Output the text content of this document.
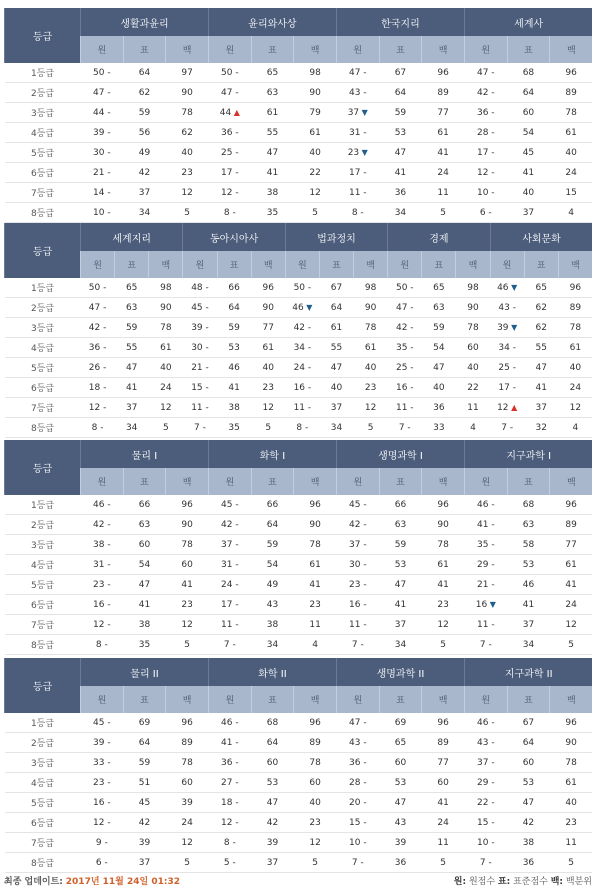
등급	생활과윤리			윤리와사상			한국지리			세계사		
	원	표	백	원	표	백	원	표	백	원	표	백
1등급	50 -	64	97	50 -	65	98	47 -	67	96	47 -	68	96
2등급	47 -	62	90	47 -	63	90	43 -	64	89	42 -	64	89
3등급	44 -	59	78	44 ▲	61	79	37 ▼	59	77	36 -	60	78
4등급	39 -	56	62	36 -	55	61	31 -	53	61	28 -	54	61
5등급	30 -	49	40	25 -	47	40	23 ▼	47	41	17 -	45	40
6등급	21 -	42	23	17 -	41	22	17 -	41	24	12 -	41	24
7등급	14 -	37	12	12 -	38	12	11 -	36	11	10 -	40	15
8등급	10 -	34	5	8 -	35	5	8 -	34	5	6 -	37	4
등급	세계지리			동아시아사			법과정치			경제			사회문화		
	원	표	백	원	표	백	원	표	백	원	표	백	원	표	백
1등급	50 -	65	98	48 -	66	96	50 -	67	98	50 -	65	98	46 ▼	65	96
2등급	47 -	63	90	45 -	64	90	46 ▼	64	90	47 -	63	90	43 -	62	89
3등급	42 -	59	78	39 -	59	77	42 -	61	78	42 -	59	78	39 ▼	62	78
4등급	36 -	55	61	30 -	53	61	34 -	55	61	35 -	54	60	34 -	55	61
5등급	26 -	47	40	21 -	46	40	24 -	47	40	25 -	47	40	25 -	47	40
6등급	18 -	41	24	15 -	41	23	16 -	40	23	16 -	40	22	17 -	41	24
7등급	12 -	37	12	11 -	38	12	11 -	37	12	11 -	36	11	12 ▲	37	12
8등급	8 -	34	5	7 -	35	5	8 -	34	5	7 -	33	4	7 -	32	4
등급	물리 I			화학 I			생명과학 I			지구과학 I		
	원	표	백	원	표	백	원	표	백	원	표	백
1등급	46 -	66	96	45 -	66	96	45 -	66	96	46 -	68	96
2등급	42 -	63	90	42 -	64	90	42 -	63	90	41 -	63	89
3등급	38 -	60	78	37 -	59	78	37 -	59	78	35 -	58	77
4등급	31 -	54	60	31 -	54	61	30 -	53	61	29 -	53	61
5등급	23 -	47	41	24 -	49	41	23 -	47	41	21 -	46	41
6등급	16 -	41	23	17 -	43	23	16 -	41	23	16 ▼	41	24
7등급	12 -	38	12	11 -	38	11	11 -	37	12	11 -	37	12
8등급	8 -	35	5	7 -	34	4	7 -	34	5	7 -	34	5
등급	물리 II			화학 II			생명과학 II			지구과학 II		
	원	표	백	원	표	백	원	표	백	원	표	백
1등급	45 -	69	96	46 -	68	96	47 -	69	96	46 -	67	96
2등급	39 -	64	89	41 -	64	89	43 -	65	89	43 -	64	90
3등급	33 -	59	78	36 -	60	78	36 -	60	77	37 -	60	78
4등급	23 -	51	60	27 -	53	60	28 -	53	60	29 -	53	61
5등급	16 -	45	39	18 -	47	40	20 -	47	41	22 -	47	40
6등급	12 -	42	24	12 -	42	23	15 -	43	24	15 -	42	23
7등급	9 -	39	12	8 -	39	12	10 -	39	11	10 -	38	11
8등급	6 -	37	5	5 -	37	5	7 -	36	5	7 -	36	5
최종 업데이트: 2017년 11월 24일 01:32	원: 원점수 표: 표준점수 백: 백분위
